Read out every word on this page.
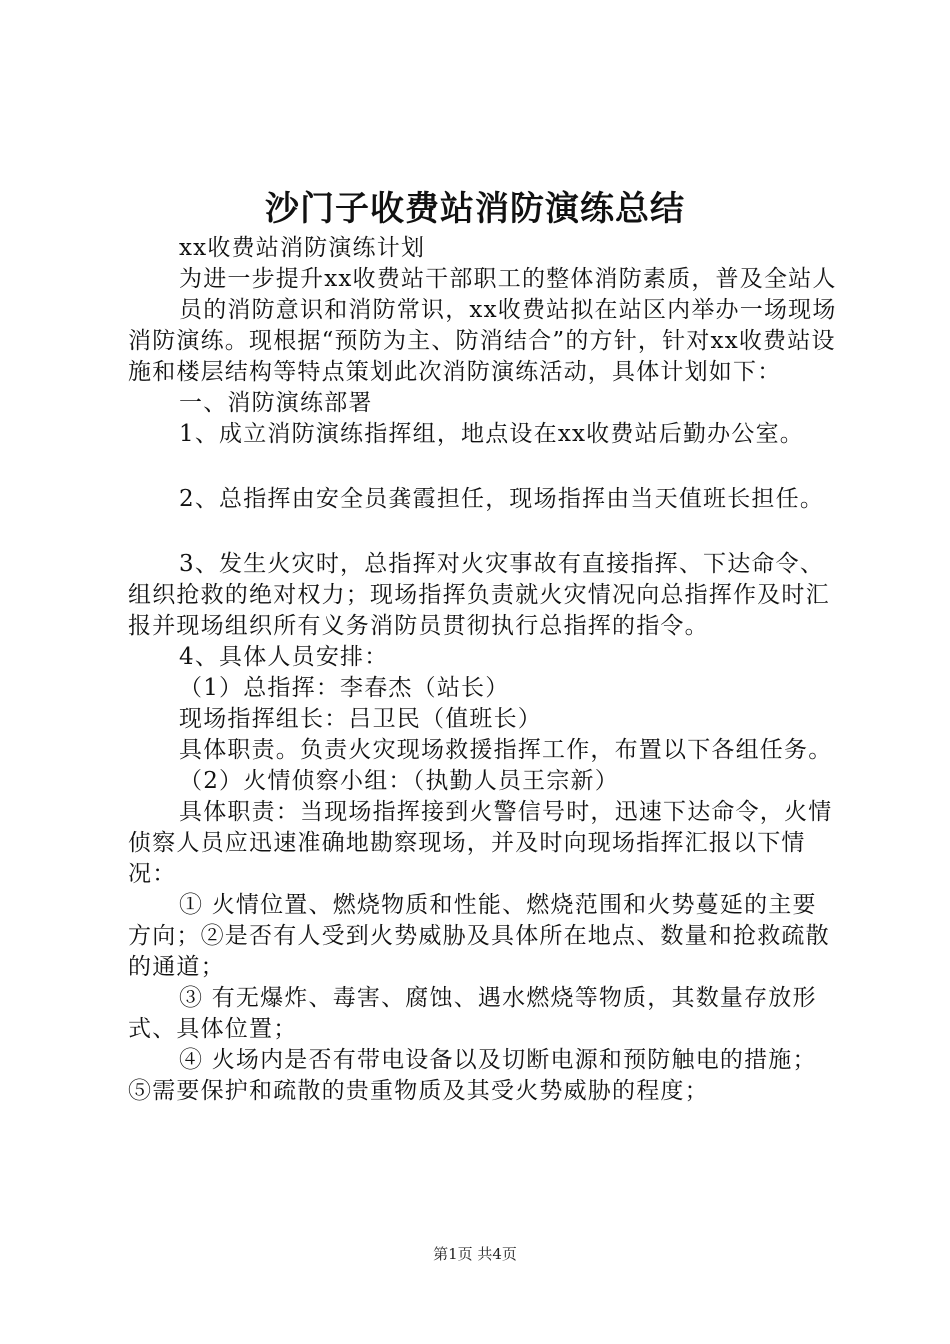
沙门子收费站消防演练总结

xx收费站消防演练计划

为进一步提升xx收费站干部职工的整体消防素质，普及全站人

员的消防意识和消防常识，xx收费站拟在站区内举办一场现场消防演练。现根据“预防为主、防消结合”的方针，针对xx收费站设施和楼层结构等特点策划此次消防演练活动，具体计划如下：

一、消防演练部署

1、成立消防演练指挥组，地点设在xx收费站后勤办公室。

2、总指挥由安全员龚霞担任，现场指挥由当天值班长担任。

3、发生火灾时，总指挥对火灾事故有直接指挥、下达命令、组织抢救的绝对权力；现场指挥负责就火灾情况向总指挥作及时汇报并现场组织所有义务消防员贯彻执行总指挥的指令。

4、具体人员安排：

（1）总指挥：李春杰（站长）

现场指挥组长：吕卫民（值班长）

具体职责。负责火灾现场救援指挥工作，布置以下各组任务。

（2）火情侦察小组：（执勤人员王宗新）

具体职责：当现场指挥接到火警信号时，迅速下达命令，火情侦察人员应迅速准确地勘察现场，并及时向现场指挥汇报以下情况：

① 火情位置、燃烧物质和性能、燃烧范围和火势蔓延的主要方向；②是否有人受到火势威胁及具体所在地点、数量和抢救疏散的通道；

③ 有无爆炸、毒害、腐蚀、遇水燃烧等物质，其数量存放形式、具体位置；

④ 火场内是否有带电设备以及切断电源和预防触电的措施；⑤需要保护和疏散的贵重物质及其受火势威胁的程度；

第1页 共4页
